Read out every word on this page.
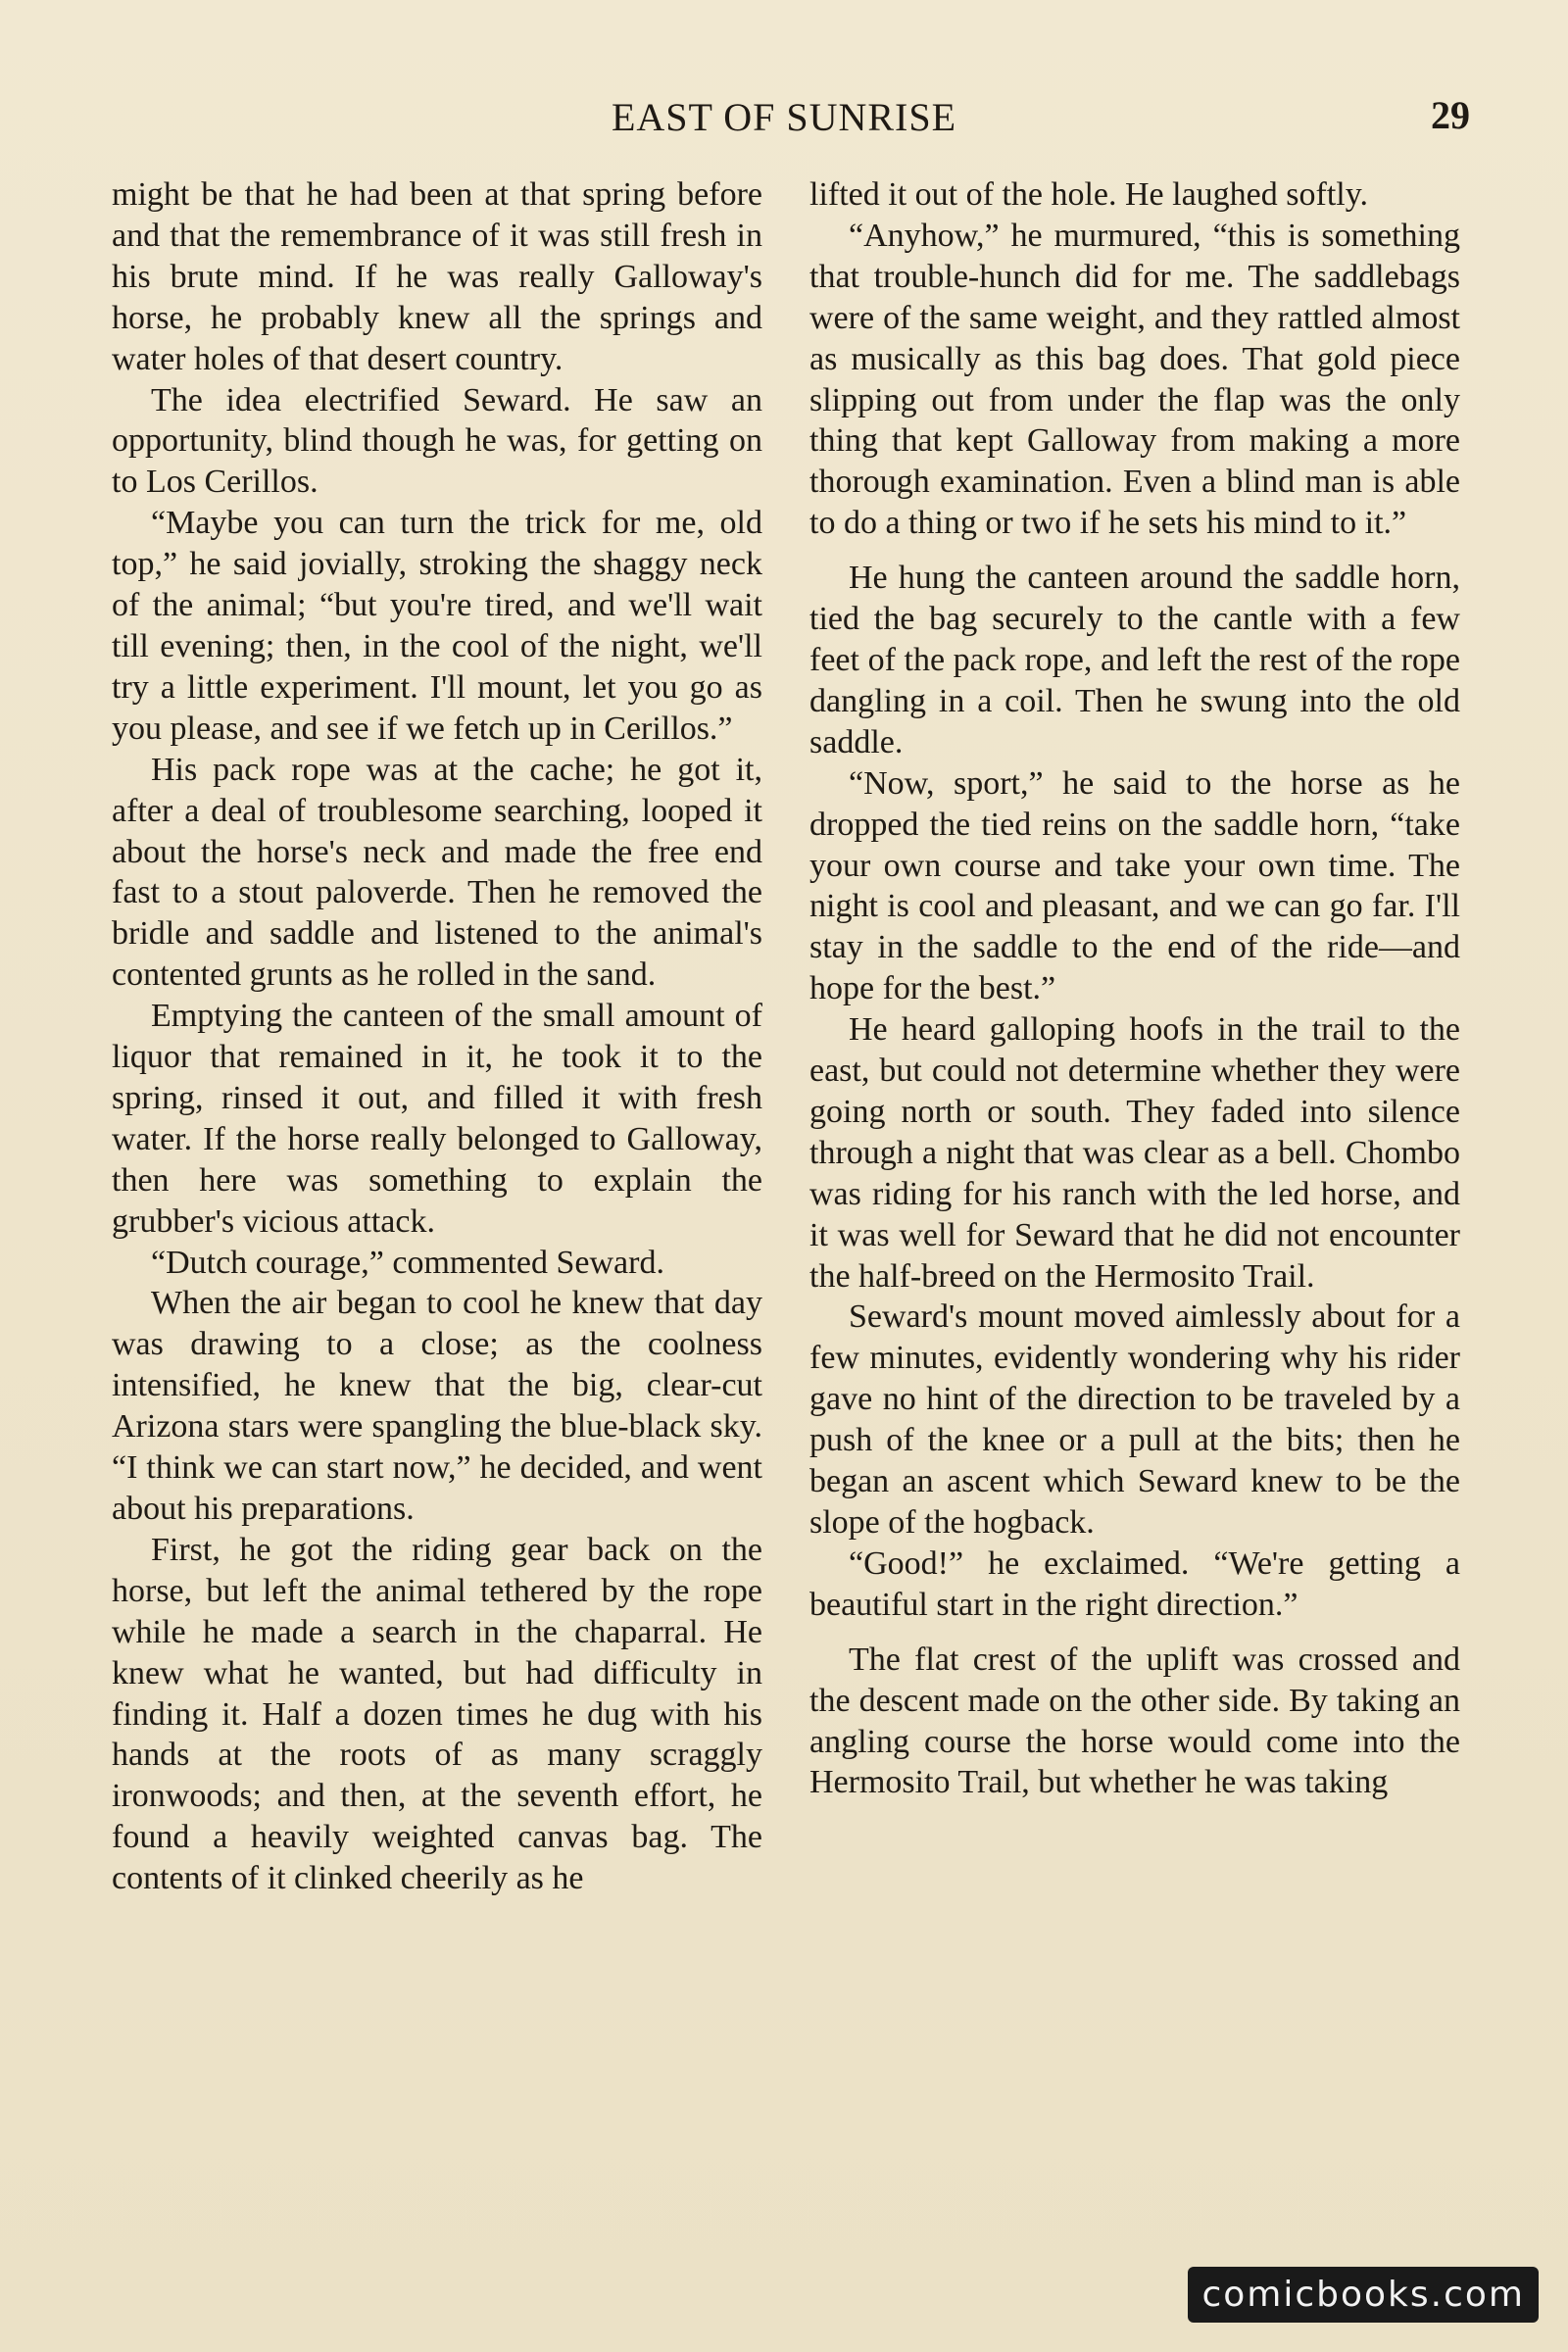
EAST OF SUNRISE	29

might be that he had been at that spring before and that the remembrance of it was still fresh in his brute mind. If he was really Galloway's horse, he probably knew all the springs and water holes of that desert country.

The idea electrified Seward. He saw an opportunity, blind though he was, for getting on to Los Cerillos.

“Maybe you can turn the trick for me, old top,” he said jovially, stroking the shaggy neck of the animal; “but you're tired, and we'll wait till evening; then, in the cool of the night, we'll try a little experiment. I'll mount, let you go as you please, and see if we fetch up in Cerillos.”

His pack rope was at the cache; he got it, after a deal of troublesome searching, looped it about the horse's neck and made the free end fast to a stout paloverde. Then he removed the bridle and saddle and listened to the animal's contented grunts as he rolled in the sand.

Emptying the canteen of the small amount of liquor that remained in it, he took it to the spring, rinsed it out, and filled it with fresh water. If the horse really belonged to Galloway, then here was something to explain the grubber's vicious attack.

“Dutch courage,” commented Seward.

When the air began to cool he knew that day was drawing to a close; as the coolness intensified, he knew that the big, clear-cut Arizona stars were spangling the blue-black sky. “I think we can start now,” he decided, and went about his preparations.

First, he got the riding gear back on the horse, but left the animal tethered by the rope while he made a search in the chaparral. He knew what he wanted, but had difficulty in finding it. Half a dozen times he dug with his hands at the roots of as many scraggly ironwoods; and then, at the seventh effort, he found a heavily weighted canvas bag. The contents of it clinked cheerily as he

lifted it out of the hole. He laughed softly.

“Anyhow,” he murmured, “this is something that trouble-hunch did for me. The saddlebags were of the same weight, and they rattled almost as musically as this bag does. That gold piece slipping out from under the flap was the only thing that kept Galloway from making a more thorough examination. Even a blind man is able to do a thing or two if he sets his mind to it.”

He hung the canteen around the saddle horn, tied the bag securely to the cantle with a few feet of the pack rope, and left the rest of the rope dangling in a coil. Then he swung into the old saddle.

“Now, sport,” he said to the horse as he dropped the tied reins on the saddle horn, “take your own course and take your own time. The night is cool and pleasant, and we can go far. I'll stay in the saddle to the end of the ride—and hope for the best.”

He heard galloping hoofs in the trail to the east, but could not determine whether they were going north or south. They faded into silence through a night that was clear as a bell. Chombo was riding for his ranch with the led horse, and it was well for Seward that he did not encounter the half-breed on the Hermosito Trail.

Seward's mount moved aimlessly about for a few minutes, evidently wondering why his rider gave no hint of the direction to be traveled by a push of the knee or a pull at the bits; then he began an ascent which Seward knew to be the slope of the hogback.

“Good!” he exclaimed. “We're getting a beautiful start in the right direction.”

The flat crest of the uplift was crossed and the descent made on the other side. By taking an angling course the horse would come into the Hermosito Trail, but whether he was taking

comicbooks.com
